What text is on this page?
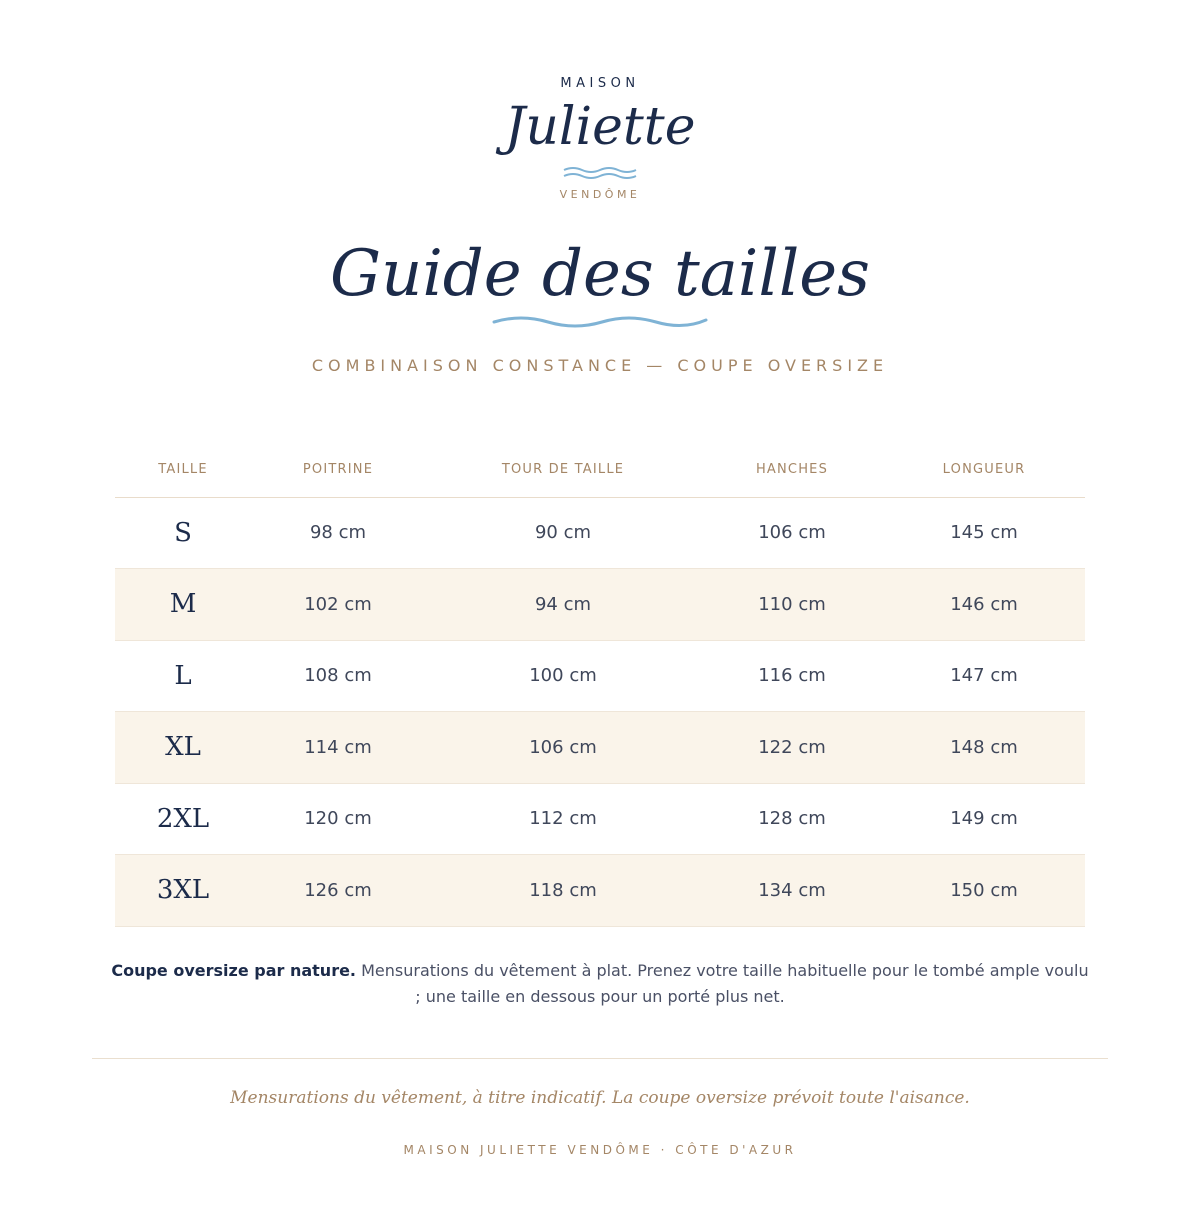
MAISON
Juliette
VENDÔME
Guide des tailles
COMBINAISON CONSTANCE — COUPE OVERSIZE
TAILLE	POITRINE	TOUR DE TAILLE	HANCHES	LONGUEUR
S	98 cm	90 cm	106 cm	145 cm
M	102 cm	94 cm	110 cm	146 cm
L	108 cm	100 cm	116 cm	147 cm
XL	114 cm	106 cm	122 cm	148 cm
2XL	120 cm	112 cm	128 cm	149 cm
3XL	126 cm	118 cm	134 cm	150 cm
Coupe oversize par nature. Mensurations du vêtement à plat. Prenez votre taille habituelle pour le tombé ample voulu ; une taille en dessous pour un porté plus net.
Mensurations du vêtement, à titre indicatif. La coupe oversize prévoit toute l'aisance.
MAISON JULIETTE VENDÔME · CÔTE D'AZUR
